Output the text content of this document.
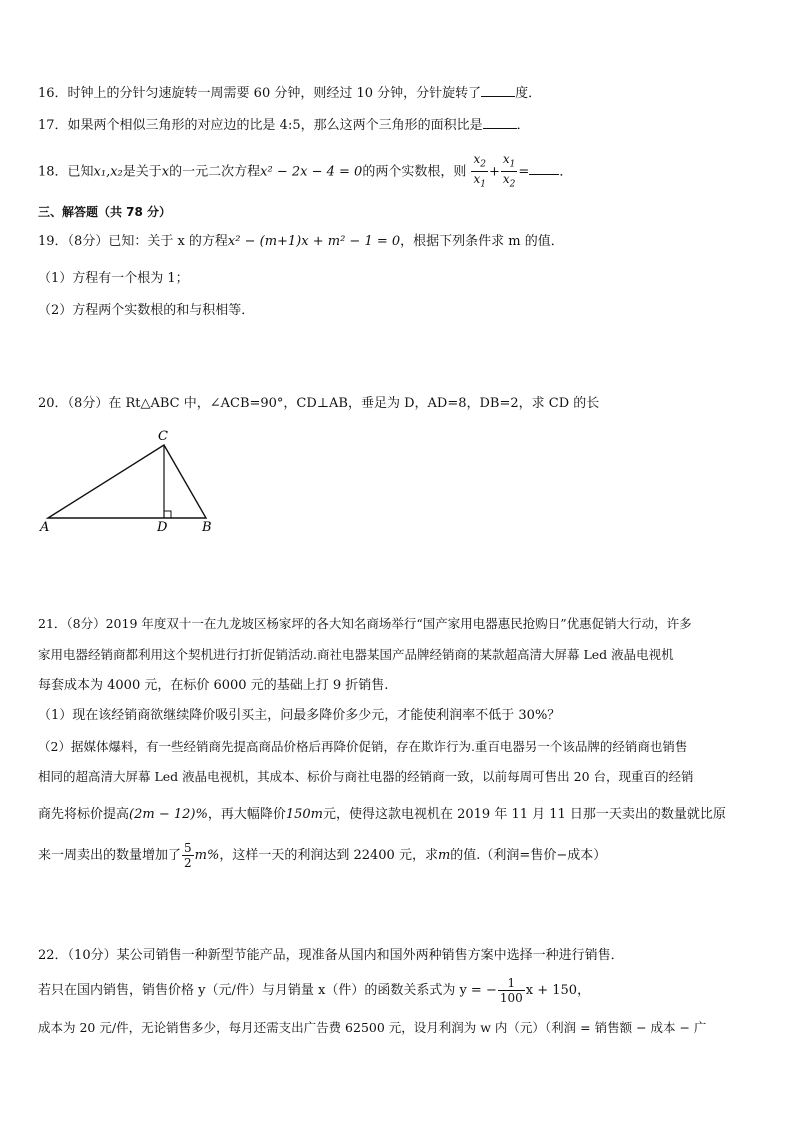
16．时钟上的分针匀速旋转一周需要 60 分钟，则经过 10 分钟，分针旋转了	度．
17．如果两个相似三角形的对应边的比是 4:5，那么这两个三角形的面积比是	．
18．已知x₁,x₂是关于x的一元二次方程x² − 2x − 4 = 0的两个实数根，则 $\frac{x_2}{x_1} + \frac{x_1}{x_2}$ = ．
三、解答题（共 78 分）
19．（8分）已知：关于 x 的方程x² − (m+1)x + m² − 1 = 0，根据下列条件求 m 的值．
（1）方程有一个根为 1；
（2）方程两个实数根的和与积相等．
20．（8分）在 Rt△ABC 中，∠ACB=90°，CD⊥AB，垂足为 D，AD=8，DB=2，求 CD 的长
A	D	B
C
21．（8分）2019 年度双十一在九龙坡区杨家坪的各大知名商场举行“国产家用电器惠民抢购日”优惠促销大行动，许多
家用电器经销商都利用这个契机进行打折促销活动.商社电器某国产品牌经销商的某款超高清大屏幕 Led 液晶电视机
每套成本为 4000 元，在标价 6000 元的基础上打 9 折销售.
（1）现在该经销商欲继续降价吸引买主，问最多降价多少元，才能使利润率不低于 30%？
（2）据媒体爆料，有一些经销商先提高商品价格后再降价促销，存在欺诈行为.重百电器另一个该品牌的经销商也销售
相同的超高清大屏幕 Led 液晶电视机，其成本、标价与商社电器的经销商一致，以前每周可售出 20 台，现重百的经销
商先将标价提高(2m − 12)%，再大幅降价150m元，使得这款电视机在 2019 年 11 月 11 日那一天卖出的数量就比原
来一周卖出的数量增加了 $\frac{5}{2} m\%$，这样一天的利润达到 22400 元，求m的值.（利润=售价−成本）
22．（10分）某公司销售一种新型节能产品，现准备从国内和国外两种销售方案中选择一种进行销售．
若只在国内销售，销售价格 y（元/件）与月销量 x（件）的函数关系式为 y = − $\frac{1}{100}$ x + 150，
成本为 20 元/件，无论销售多少，每月还需支出广告费 62500 元，设月利润为 w 内（元）（利润 = 销售额 − 成本 − 广
